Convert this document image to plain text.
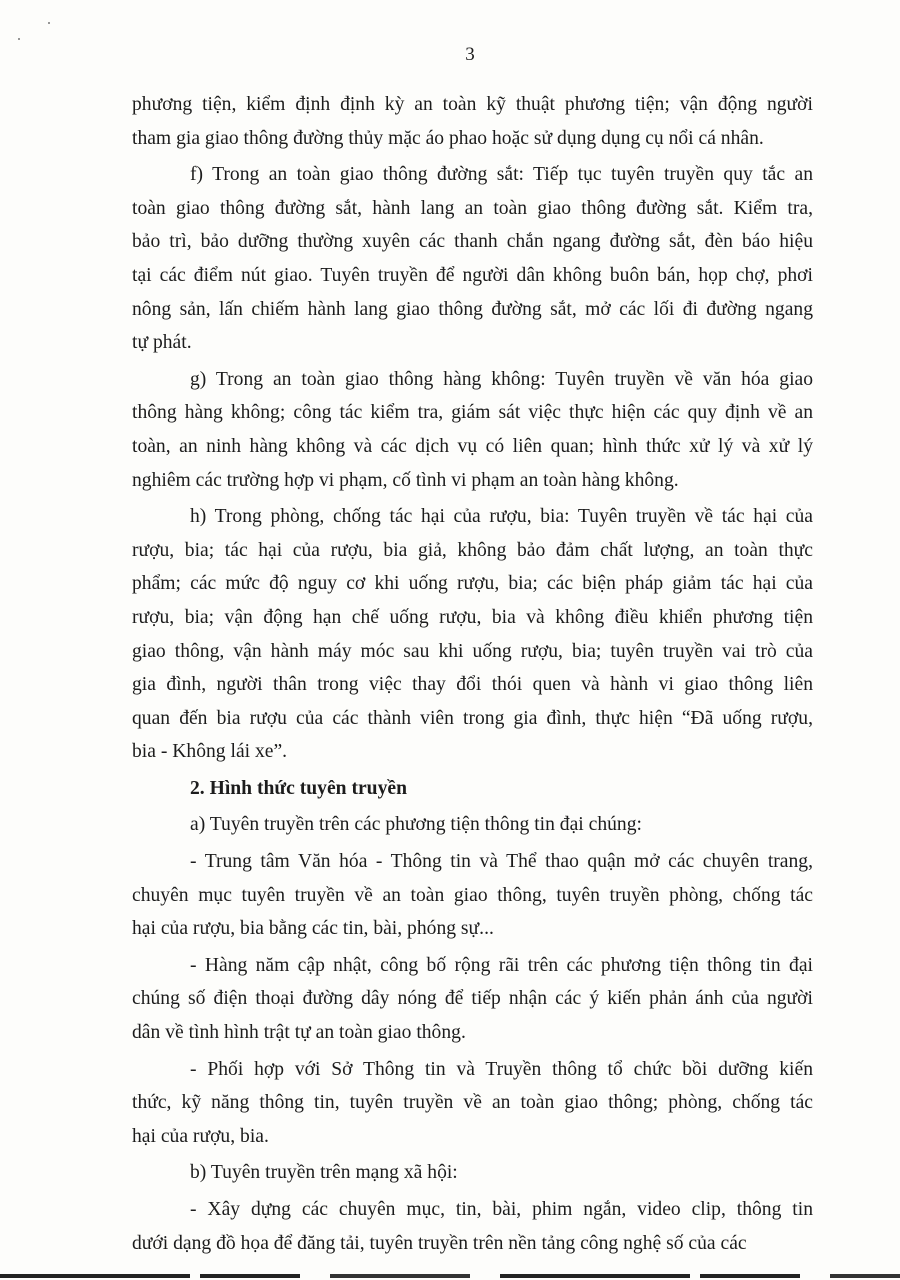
3
phương tiện, kiểm định định kỳ an toàn kỹ thuật phương tiện; vận động người
tham gia giao thông đường thủy mặc áo phao hoặc sử dụng dụng cụ nổi cá nhân.
f) Trong an toàn giao thông đường sắt: Tiếp tục tuyên truyền quy tắc an
toàn giao thông đường sắt, hành lang an toàn giao thông đường sắt. Kiểm tra,
bảo trì, bảo dưỡng thường xuyên các thanh chắn ngang đường sắt, đèn báo hiệu
tại các điểm nút giao. Tuyên truyền để người dân không buôn bán, họp chợ, phơi
nông sản, lấn chiếm hành lang giao thông đường sắt, mở các lối đi đường ngang
tự phát.
g) Trong an toàn giao thông hàng không: Tuyên truyền về văn hóa giao
thông hàng không; công tác kiểm tra, giám sát việc thực hiện các quy định về an
toàn, an ninh hàng không và các dịch vụ có liên quan; hình thức xử lý và xử lý
nghiêm các trường hợp vi phạm, cố tình vi phạm an toàn hàng không.
h) Trong phòng, chống tác hại của rượu, bia: Tuyên truyền về tác hại của
rượu, bia; tác hại của rượu, bia giả, không bảo đảm chất lượng, an toàn thực
phẩm; các mức độ nguy cơ khi uống rượu, bia; các biện pháp giảm tác hại của
rượu, bia; vận động hạn chế uống rượu, bia và không điều khiển phương tiện
giao thông, vận hành máy móc sau khi uống rượu, bia; tuyên truyền vai trò của
gia đình, người thân trong việc thay đổi thói quen và hành vi giao thông liên
quan đến bia rượu của các thành viên trong gia đình, thực hiện “Đã uống rượu,
bia - Không lái xe”.
2. Hình thức tuyên truyền
a) Tuyên truyền trên các phương tiện thông tin đại chúng:
- Trung tâm Văn hóa - Thông tin và Thể thao quận mở các chuyên trang,
chuyên mục tuyên truyền về an toàn giao thông, tuyên truyền phòng, chống tác
hại của rượu, bia bằng các tin, bài, phóng sự...
- Hàng năm cập nhật, công bố rộng rãi trên các phương tiện thông tin đại
chúng số điện thoại đường dây nóng để tiếp nhận các ý kiến phản ánh của người
dân về tình hình trật tự an toàn giao thông.
- Phối hợp với Sở Thông tin và Truyền thông tổ chức bồi dưỡng kiến
thức, kỹ năng thông tin, tuyên truyền về an toàn giao thông; phòng, chống tác
hại của rượu, bia.
b) Tuyên truyền trên mạng xã hội:
- Xây dựng các chuyên mục, tin, bài, phim ngắn, video clip, thông tin
dưới dạng đồ họa để đăng tải, tuyên truyền trên nền tảng công nghệ số của các
